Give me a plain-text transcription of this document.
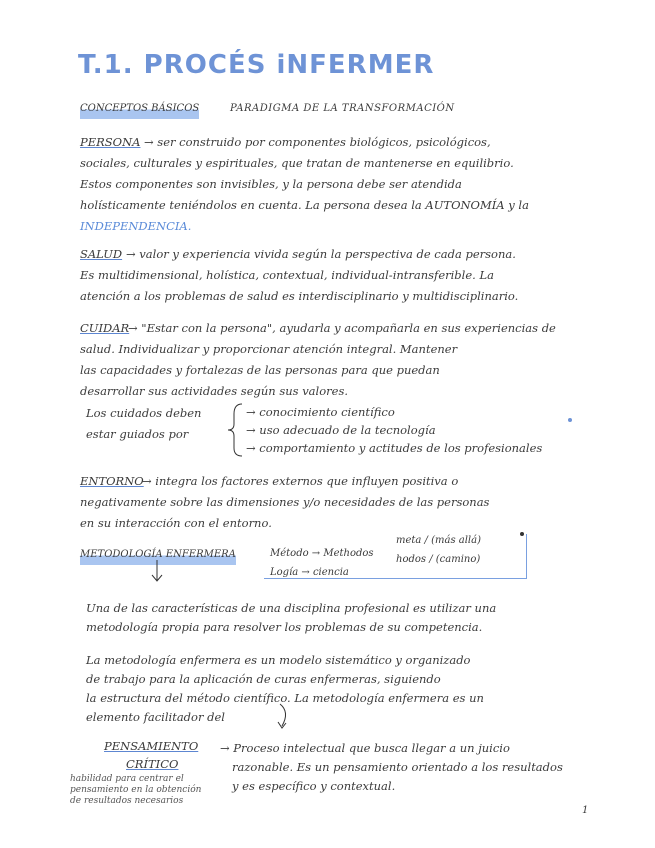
T.1. PROCÉS iNFERMER
CONCEPTOS BÁSICOS	PARADIGMA DE LA TRANSFORMACIÓN
PERSONA → ser construido por componentes biológicos, psicológicos,
sociales, culturales y espirituales, que tratan de mantenerse en equilibrio.
Estos componentes son invisibles, y la persona debe ser atendida
holísticamente teniéndolos en cuenta. La persona desea la AUTONOMÍA y la
INDEPENDENCIA.
SALUD → valor y experiencia vivida según la perspectiva de cada persona.
Es multidimensional, holística, contextual, individual-intransferible. La
atención a los problemas de salud es interdisciplinario y multidisciplinario.
CUIDAR
→ "Estar con la persona", ayudarla y acompañarla en sus experiencias de
salud. Individualizar y proporcionar atención integral. Mantener
las capacidades y fortalezas de las personas para que puedan
desarrollar sus actividades según sus valores.
Los cuidados deben
estar guiados por
→ conocimiento científico
→ uso adecuado de la tecnología
→ comportamiento y actitudes de los profesionales
ENTORNO
→ integra los factores externos que influyen positiva o
negativamente sobre las dimensiones y/o necesidades de las personas
en su interacción con el entorno.
METODOLOGÍA ENFERMERA	Método → Methodos
meta / (más allá)
hodos / (camino)
Logía → ciencia
Una de las características de una disciplina profesional es utilizar una
metodología propia para resolver los problemas de su competencia.
La metodología enfermera es un modelo sistemático y organizado
de trabajo para la aplicación de curas enfermeras, siguiendo
la estructura del método científico. La metodología enfermera es un
elemento facilitador del
PENSAMIENTO
CRÍTICO
habilidad para centrar el
pensamiento en la obtención
de resultados necesarios
→ Proceso intelectual que busca llegar a un juicio
razonable. Es un pensamiento orientado a los resultados
y es específico y contextual.
1
